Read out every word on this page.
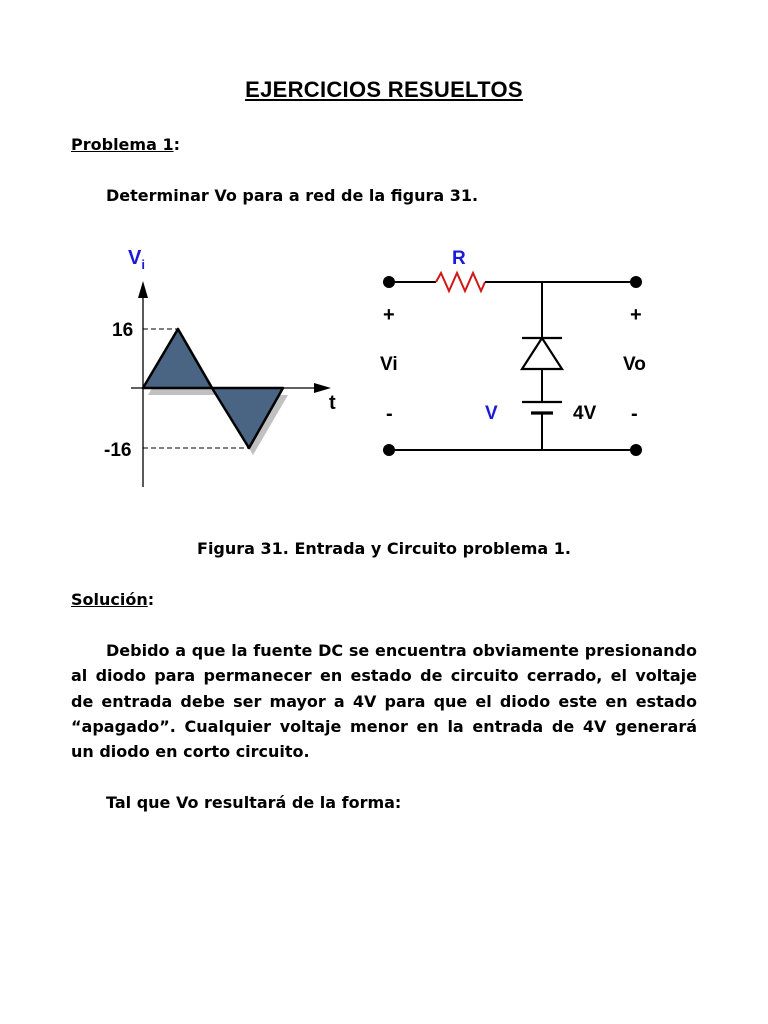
EJERCICIOS RESUELTOS
Problema 1:
Determinar Vo para a red de la figura 31.
$V_i$
t
16
-16
R
+
Vi
-
+
Vo
-
V	4V
Figura 31. Entrada y Circuito problema 1.
Solución:
Debido a que la fuente DC se encuentra obviamente presionando al diodo para permanecer en estado de circuito cerrado, el voltaje de entrada debe ser mayor a 4V para que el diodo este en estado “apagado”. Cualquier voltaje menor en la entrada de 4V generará un diodo en corto circuito.
Tal que Vo resultará de la forma:
